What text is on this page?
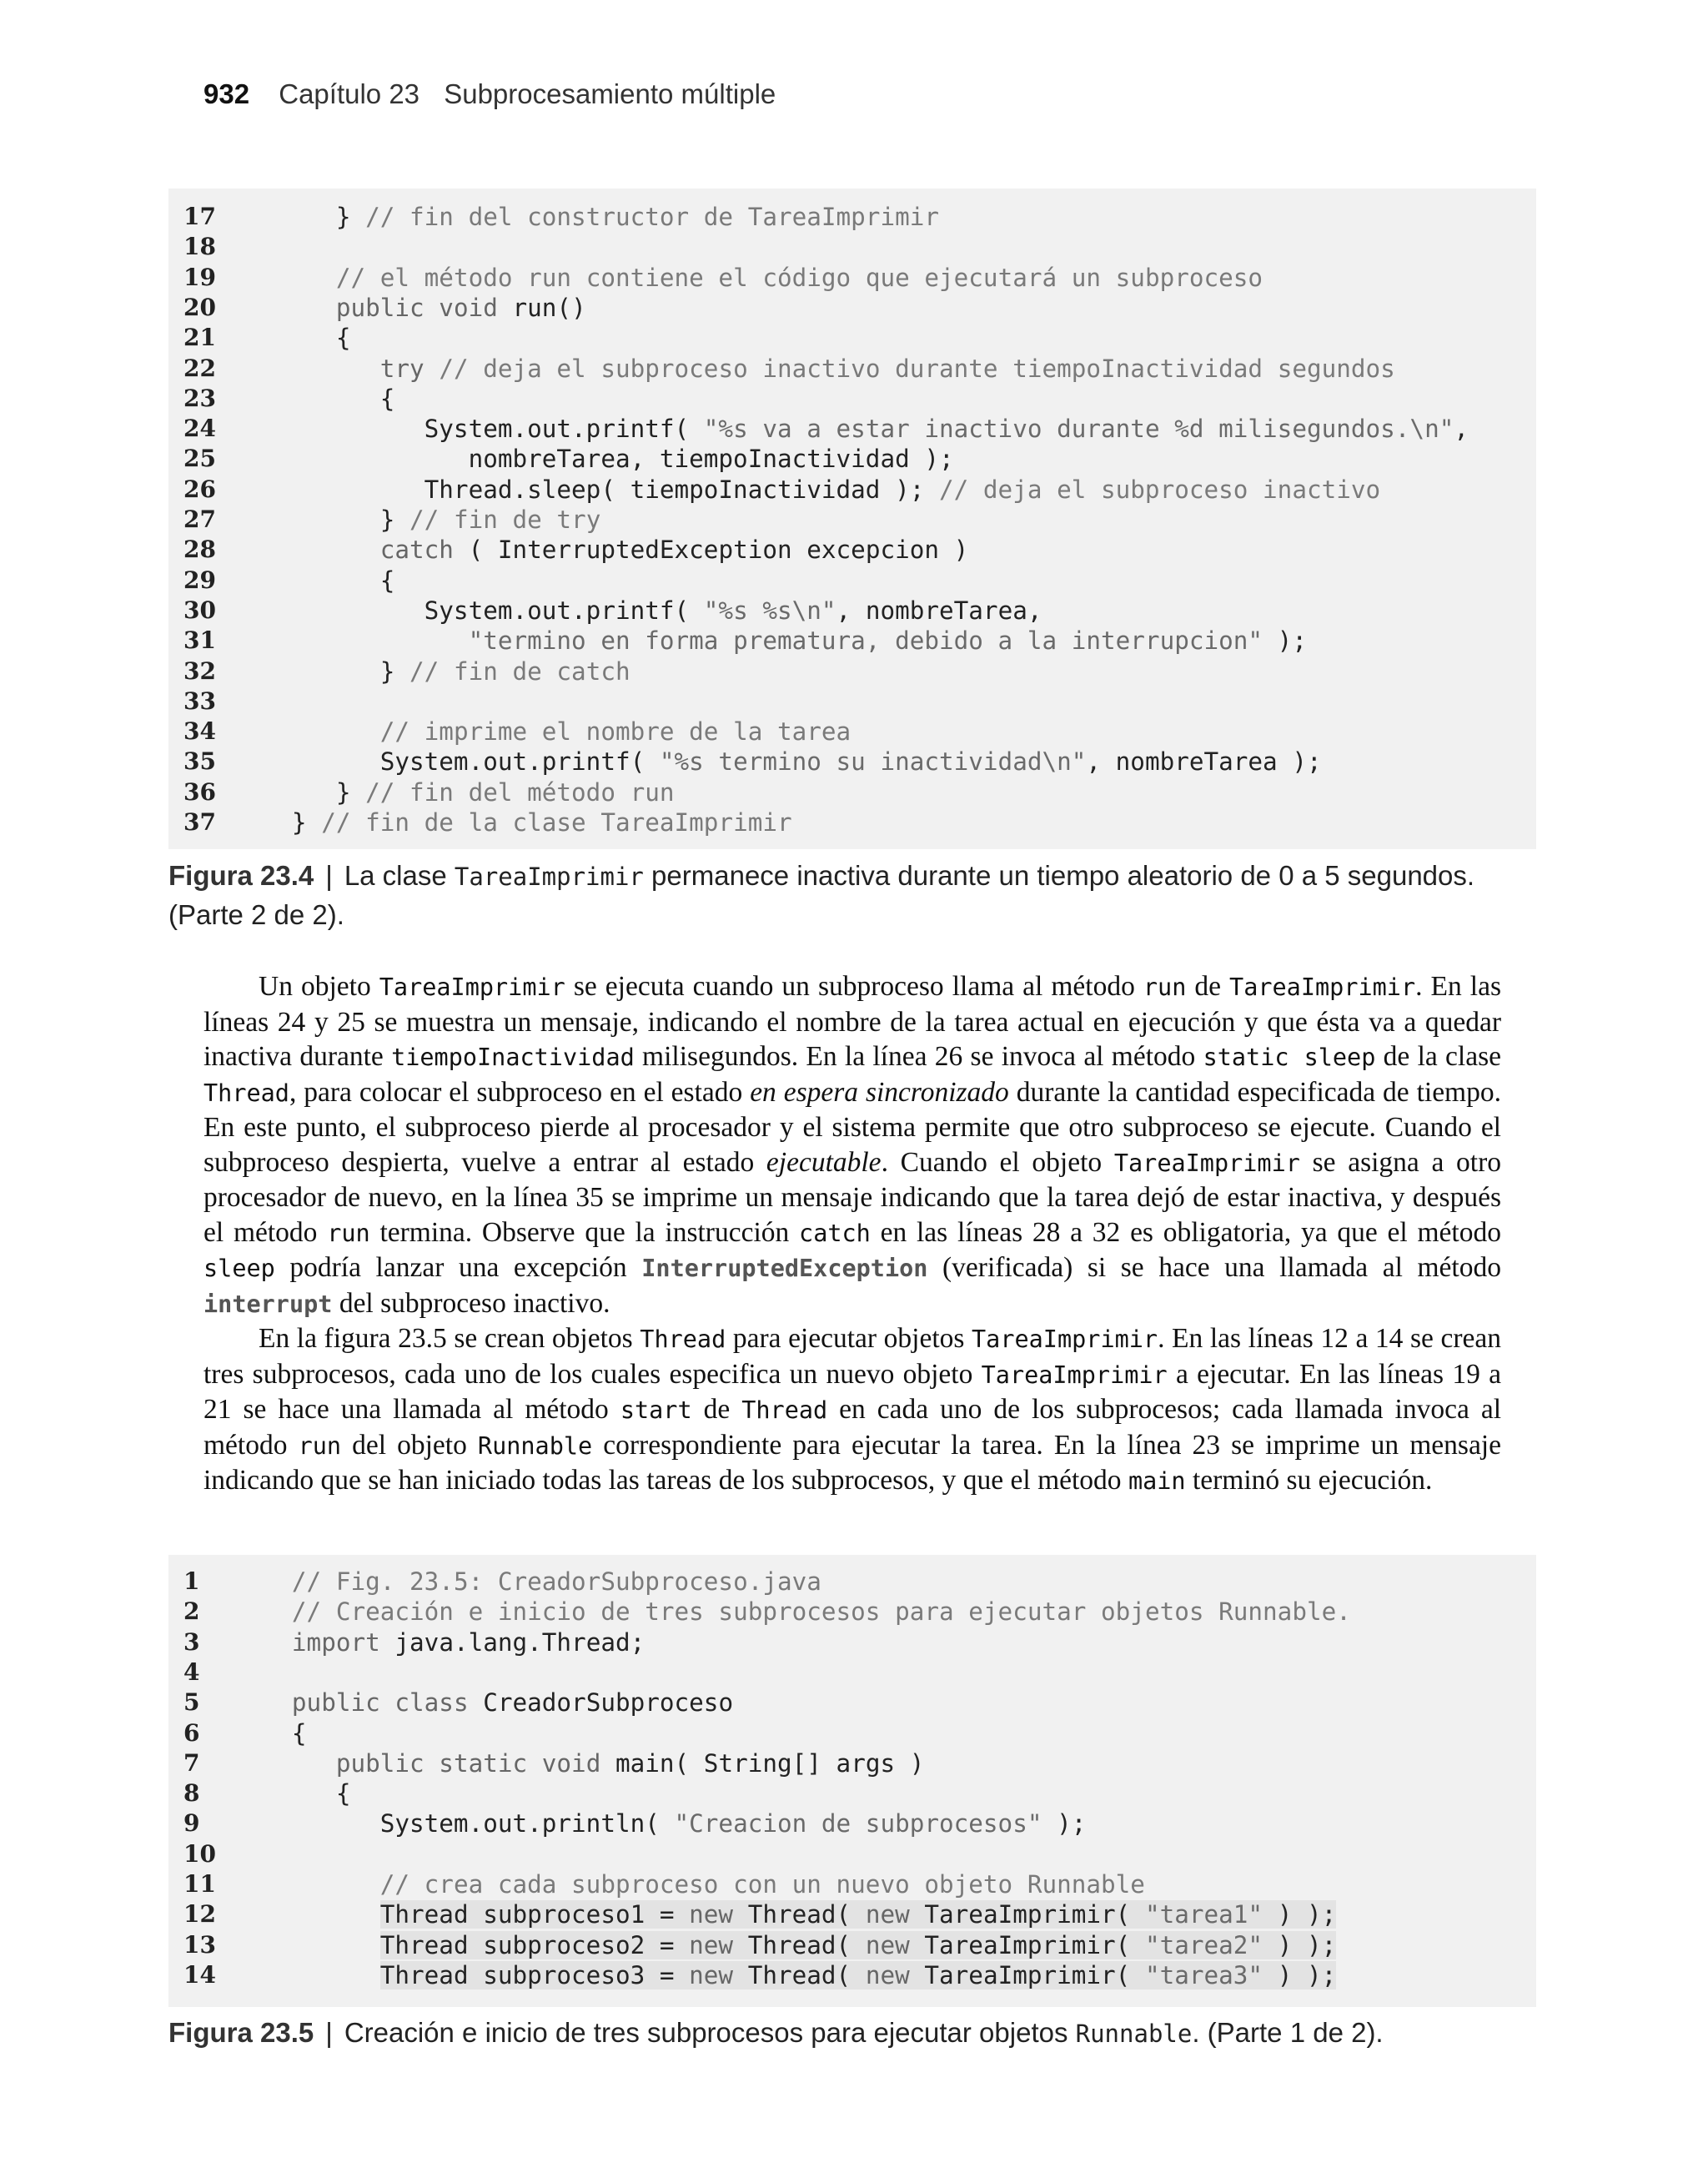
932 Capítulo 23 Subprocesamiento múltiple
17	} // fin del constructor de TareaImprimir
18
19	// el método run contiene el código que ejecutará un subproceso
20	public void run()
21	{
22	try // deja el subproceso inactivo durante tiempoInactividad segundos
23	{
24	System.out.printf( "%s va a estar inactivo durante %d milisegundos.\n",
25	nombreTarea, tiempoInactividad );
26	Thread.sleep( tiempoInactividad ); // deja el subproceso inactivo
27	} // fin de try
28	catch ( InterruptedException excepcion )
29	{
30	System.out.printf( "%s %s\n", nombreTarea,
31	"termino en forma prematura, debido a la interrupcion" );
32	} // fin de catch
33
34	// imprime el nombre de la tarea
35	System.out.printf( "%s termino su inactividad\n", nombreTarea );
36	} // fin del método run
37	} // fin de la clase TareaImprimir
Figura 23.4 | La clase TareaImprimir permanece inactiva durante un tiempo aleatorio de 0 a 5 segundos.
(Parte 2 de 2).

Un objeto TareaImprimir se ejecuta cuando un subproceso llama al método run de TareaImprimir. En las líneas 24 y 25 se muestra un mensaje, indicando el nombre de la tarea actual en ejecución y que ésta va a quedar inactiva durante tiempoInactividad milisegundos. En la línea 26 se invoca al método static sleep de la clase Thread, para colocar el subproceso en el estado en espera sincronizado durante la cantidad especificada de tiempo. En este punto, el subproceso pierde al procesador y el sistema permite que otro subproceso se ejecute. Cuando el subproceso despierta, vuelve a entrar al estado ejecutable. Cuando el objeto TareaImprimir se asigna a otro procesador de nuevo, en la línea 35 se imprime un mensaje indicando que la tarea dejó de estar inactiva, y después el método run termina. Observe que la instrucción catch en las líneas 28 a 32 es obligatoria, ya que el método sleep podría lanzar una excepción InterruptedException (verificada) si se hace una llamada al método interrupt del subproceso inactivo.

En la figura 23.5 se crean objetos Thread para ejecutar objetos TareaImprimir. En las líneas 12 a 14 se crean tres subprocesos, cada uno de los cuales especifica un nuevo objeto TareaImprimir a ejecutar. En las líneas 19 a 21 se hace una llamada al método start de Thread en cada uno de los subprocesos; cada llamada invoca al método run del objeto Runnable correspondiente para ejecutar la tarea. En la línea 23 se imprime un mensaje indicando que se han iniciado todas las tareas de los subprocesos, y que el método main terminó su ejecución.

1	// Fig. 23.5: CreadorSubproceso.java
2	// Creación e inicio de tres subprocesos para ejecutar objetos Runnable.
3	import java.lang.Thread;
4
5	public class CreadorSubproceso
6	{
7	public static void main( String[] args )
8	{
9	System.out.println( "Creacion de subprocesos" );
10
11	// crea cada subproceso con un nuevo objeto Runnable
12	Thread subproceso1 = new Thread( new TareaImprimir( "tarea1" ) );
13	Thread subproceso2 = new Thread( new TareaImprimir( "tarea2" ) );
14	Thread subproceso3 = new Thread( new TareaImprimir( "tarea3" ) );
Figura 23.5 | Creación e inicio de tres subprocesos para ejecutar objetos Runnable. (Parte 1 de 2).
